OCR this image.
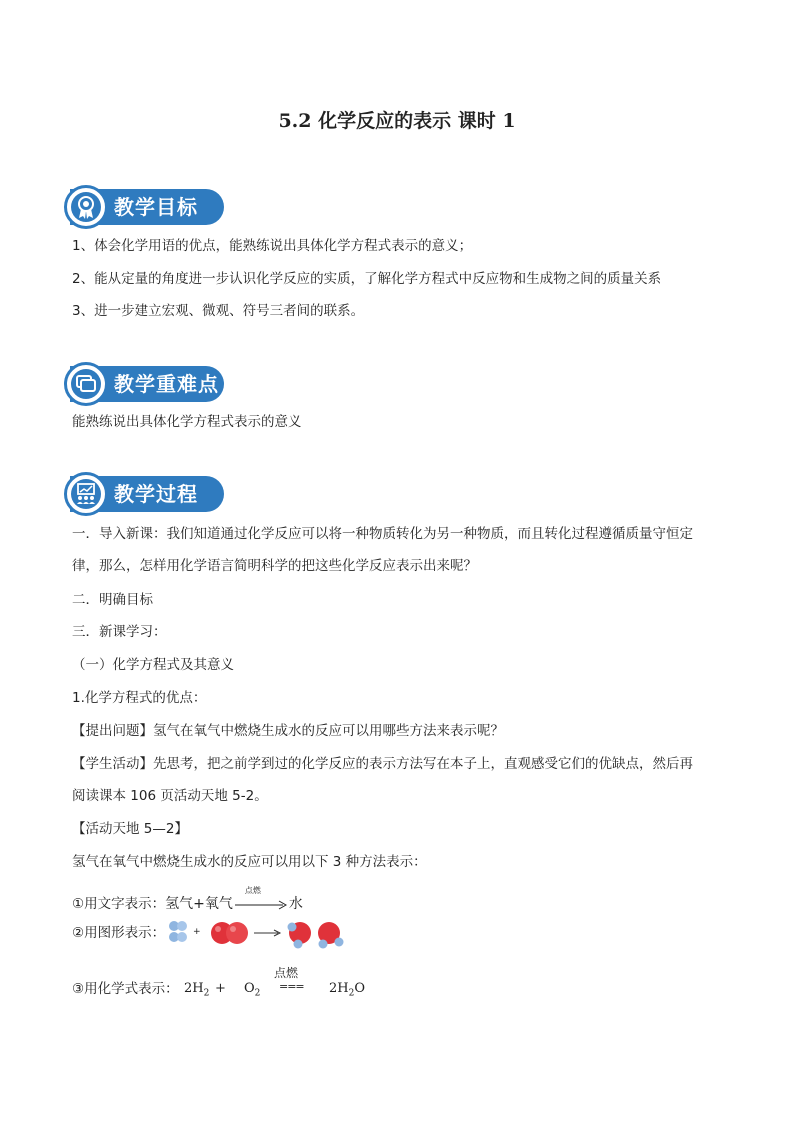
5.2 化学反应的表示 课时 1
教学目标

1、体会化学用语的优点，能熟练说出具体化学方程式表示的意义；

2、能从定量的角度进一步认识化学反应的实质，了解化学方程式中反应物和生成物之间的质量关系

3、进一步建立宏观、微观、符号三者间的联系。

教学重难点

能熟练说出具体化学方程式表示的意义

教学过程

一．导入新课：我们知道通过化学反应可以将一种物质转化为另一种物质，而且转化过程遵循质量守恒定

律，那么，怎样用化学语言简明科学的把这些化学反应表示出来呢？

二．明确目标

三．新课学习：

（一）化学方程式及其意义

1.化学方程式的优点：

【提出问题】氢气在氧气中燃烧生成水的反应可以用哪些方法来表示呢？

【学生活动】先思考，把之前学到过的化学反应的表示方法写在本子上，直观感受它们的优缺点，然后再

阅读课本 106 页活动天地 5-2。

【活动天地 5—2】

氢气在氧气中燃烧生成水的反应可以用以下 3 种方法表示：

①用文字表示：氢气+氧气
点燃
水
②用图形表示：	+
③用化学式表示： $2H_2 + O_2$
点燃
=== $2H_2O$
